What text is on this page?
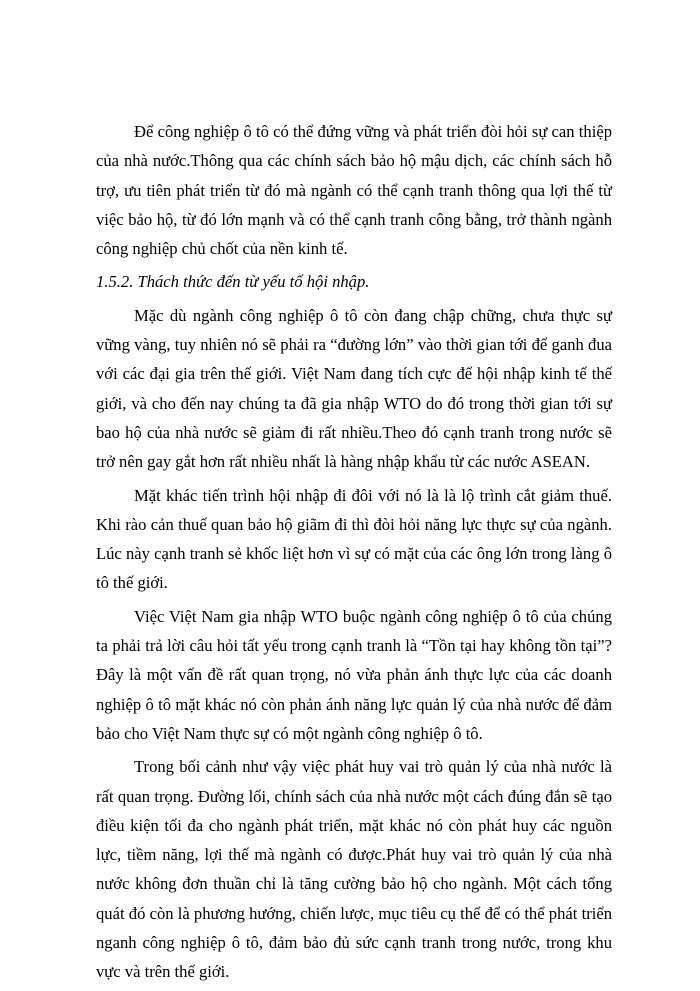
Để công nghiệp ô tô có thể đứng vững và phát triển đòi hỏi sự can thiệp của nhà nước.Thông qua các chính sách bảo hộ mậu dịch, các chính sách hỗ trợ, ưu tiên phát triển từ đó mà ngành có thể cạnh tranh thông qua lợi thế từ việc bảo hộ, từ đó lớn mạnh và có thể cạnh tranh công bằng, trở thành ngành công nghiệp chủ chốt của nền kinh tế.

1.5.2. Thách thức đến từ yếu tố hội nhập.

Mặc dù ngành công nghiệp ô tô còn đang chập chững, chưa thực sự vững vàng, tuy nhiên nó sẽ phải ra “đường lớn” vào thời gian tới để ganh đua với các đại gia trên thế giới. Việt Nam đang tích cực để hội nhập kinh tế thế giới, và cho đến nay chúng ta đã gia nhập WTO do đó trong thời gian tới sự bao hộ của nhà nước sẽ giảm đi rất nhiều.Theo đó cạnh tranh trong nước sẽ trở nên gay gắt hơn rất nhiều nhất là hàng nhập khẩu từ các nước ASEAN.

Mặt khác tiến trình hội nhập đi đôi với nó là là lộ trình cắt giảm thuế. Khi rào cản thuế quan bảo hộ giãm đi thì đòi hỏi năng lực thực sự của ngành. Lúc này cạnh tranh sẻ khốc liệt hơn vì sự có mặt của các ông lớn trong làng ô tô thế giới.

Việc Việt Nam gia nhập WTO buộc ngành công nghiệp ô tô của chúng ta phải trả lời câu hỏi tất yếu trong cạnh tranh là “Tồn tại hay không tồn tại”? Đây là một vấn đề rất quan trọng, nó vừa phản ánh thực lực của các doanh nghiệp ô tô mặt khác nó còn phản ánh năng lực quản lý của nhà nước để đảm bảo cho Việt Nam thực sự có một ngành công nghiệp ô tô.

Trong bối cảnh như vậy việc phát huy vai trò quản lý của nhà nước là rất quan trọng. Đường lối, chính sách của nhà nước một cách đúng đắn sẽ tạo điều kiện tối đa cho ngành phát triển, mặt khác nó còn phát huy các nguồn lực, tiềm năng, lợi thế mà ngành có được.Phát huy vai trò quản lý của nhà nước không đơn thuần chỉ là tăng cường bảo hộ cho ngành. Một cách tổng quát đó còn là phương hướng, chiến lược, mục tiêu cụ thể để có thể phát triển nganh công nghiệp ô tô, đảm bảo đủ sức cạnh tranh trong nước, trong khu vực và trên thế giới.
